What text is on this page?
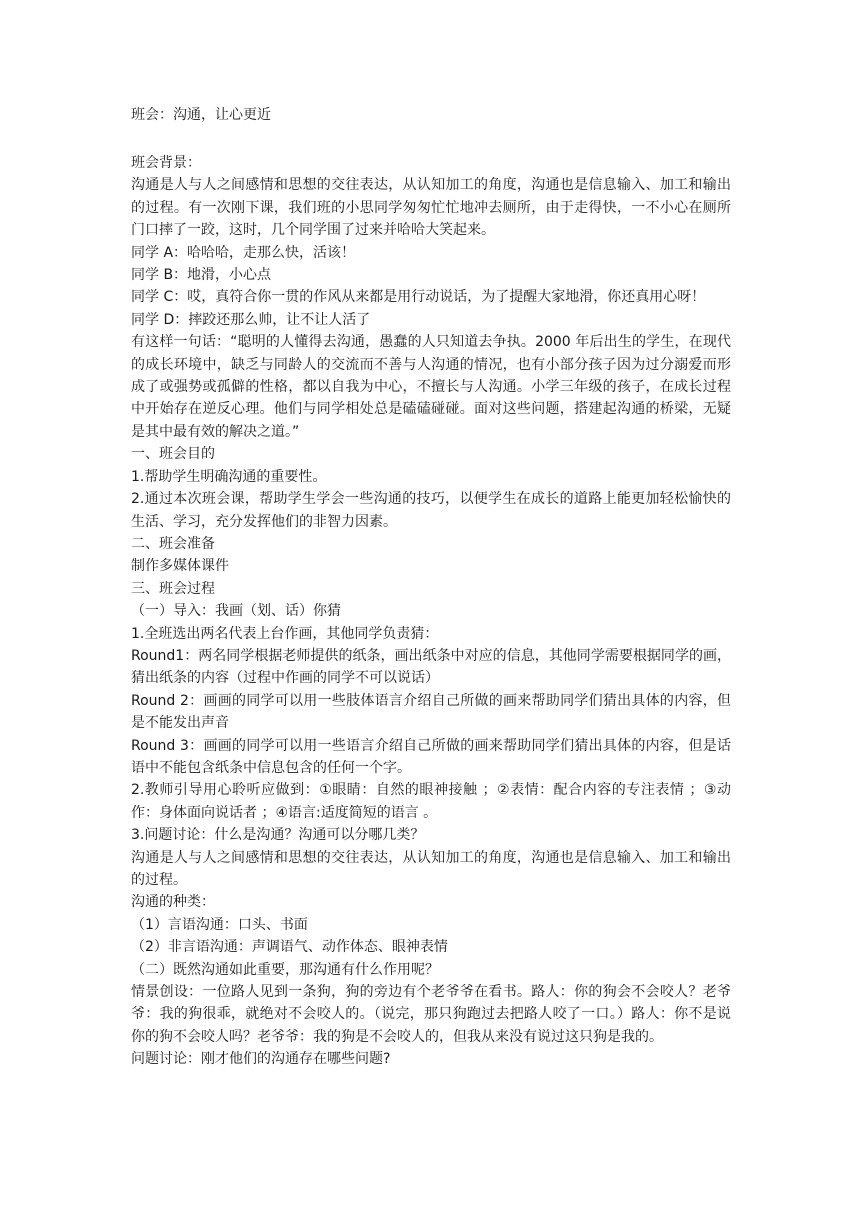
班会：沟通，让心更近

班会背景：

沟通是人与人之间感情和思想的交往表达，从认知加工的角度，沟通也是信息输入、加工和输出的过程。有一次刚下课，我们班的小思同学匆匆忙忙地冲去厕所，由于走得快，一不小心在厕所门口摔了一跤，这时，几个同学围了过来并哈哈大笑起来。

同学 A：哈哈哈，走那么快，活该！

同学 B：地滑，小心点

同学 C：哎，真符合你一贯的作风从来都是用行动说话，为了提醒大家地滑，你还真用心呀！

同学 D：摔跤还那么帅，让不让人活了

有这样一句话：“聪明的人懂得去沟通，愚蠢的人只知道去争执。2000 年后出生的学生，在现代的成长环境中，缺乏与同龄人的交流而不善与人沟通的情况，也有小部分孩子因为过分溺爱而形成了或强势或孤僻的性格，都以自我为中心，不擅长与人沟通。小学三年级的孩子，在成长过程中开始存在逆反心理。他们与同学相处总是磕磕碰碰。面对这些问题，搭建起沟通的桥梁，无疑是其中最有效的解决之道。”

一、班会目的

1.帮助学生明确沟通的重要性。

2.通过本次班会课，帮助学生学会一些沟通的技巧，以便学生在成长的道路上能更加轻松愉快的生活、学习，充分发挥他们的非智力因素。

二、班会准备

制作多媒体课件

三、班会过程

（一）导入：我画（划、话）你猜

1.全班选出两名代表上台作画，其他同学负责猜：

Round1：两名同学根据老师提供的纸条，画出纸条中对应的信息，其他同学需要根据同学的画，猜出纸条的内容（过程中作画的同学不可以说话）

Round 2：画画的同学可以用一些肢体语言介绍自己所做的画来帮助同学们猜出具体的内容，但是不能发出声音

Round 3：画画的同学可以用一些语言介绍自己所做的画来帮助同学们猜出具体的内容，但是话语中不能包含纸条中信息包含的任何一个字。

2.教师引导用心聆听应做到：①眼睛：自然的眼神接触 ；②表情：配合内容的专注表情 ；③动作：身体面向说话者 ；④语言:适度简短的语言 。

3.问题讨论：什么是沟通？沟通可以分哪几类？

沟通是人与人之间感情和思想的交往表达，从认知加工的角度，沟通也是信息输入、加工和输出的过程。

沟通的种类：

（1）言语沟通：口头、书面

（2）非言语沟通：声调语气、动作体态、眼神表情

（二）既然沟通如此重要，那沟通有什么作用呢？

情景创设：一位路人见到一条狗，狗的旁边有个老爷爷在看书。路人：你的狗会不会咬人？老爷爷：我的狗很乖，就绝对不会咬人的。（说完，那只狗跑过去把路人咬了一口。）路人：你不是说你的狗不会咬人吗？老爷爷：我的狗是不会咬人的，但我从来没有说过这只狗是我的。

问题讨论：刚才他们的沟通存在哪些问题?
